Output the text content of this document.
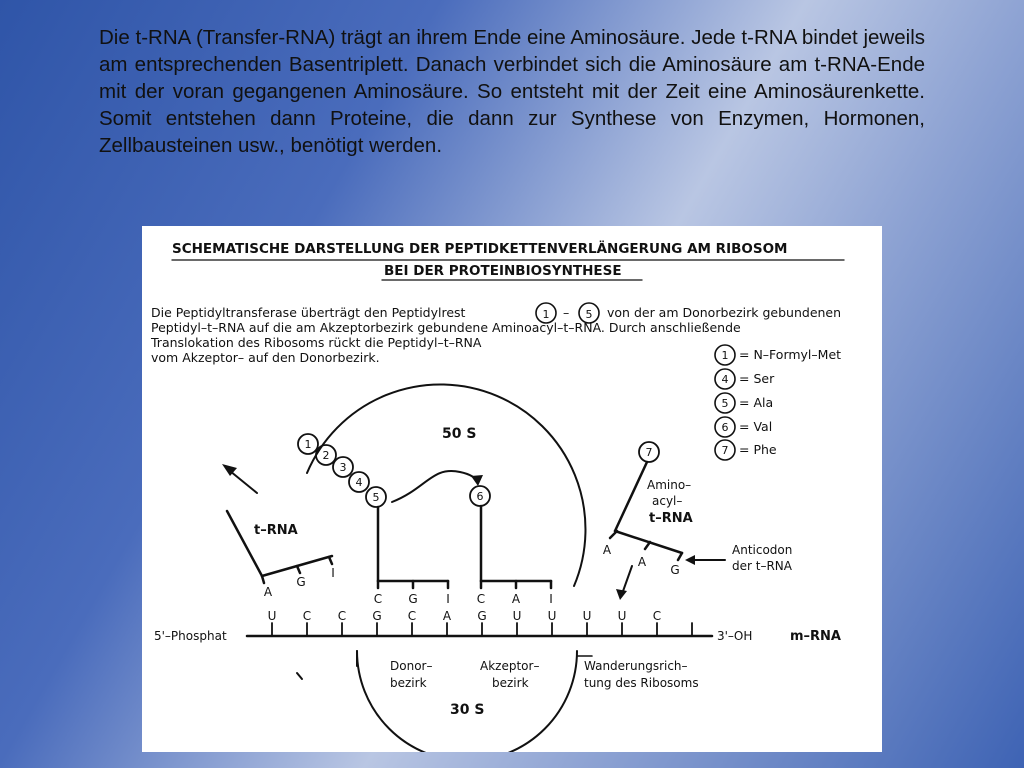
Die t-RNA (Transfer-RNA) trägt an ihrem Ende eine Aminosäure. Jede t-RNA bindet jeweils am entsprechenden Basentriplett. Danach verbindet sich die Aminosäure am t-RNA-Ende mit der voran gegangenen Aminosäure. So entsteht mit der Zeit eine Aminosäurenkette. Somit entstehen dann Proteine, die dann zur Synthese von Enzymen, Hormonen, Zellbausteinen usw., benötigt werden.

SCHEMATISCHE DARSTELLUNG DER PEPTIDKETTENVERLÄNGERUNG AM RIBOSOM
BEI DER PROTEINBIOSYNTHESE
Die Peptidyltransferase überträgt den Peptidylrest	–
1	5 von der am Donorbezirk gebundenen
Peptidyl–t–RNA auf die am Akzeptorbezirk gebundene Aminoacyl–t–RNA. Durch anschließende
Translokation des Ribosoms rückt die Peptidyl–t–RNA
vom Akzeptor– auf den Donorbezirk.	1 = N–Formyl–Met
4 = Ser
5 = Ala
6 = Val
7 = Phe
50 S
30 S
1
2
3
4
5	6
7
t–RNA
Amino–
acyl–
t–RNA
Anticodon
der t–RNA
A
G
I
C G I C A I
A
A
G
U C C G C A G U U U U C
5'–Phosphat	3'–OH	m–RNA
Donor–
bezirk
Akzeptor–
bezirk
Wanderungsrich–
tung des Ribosoms
